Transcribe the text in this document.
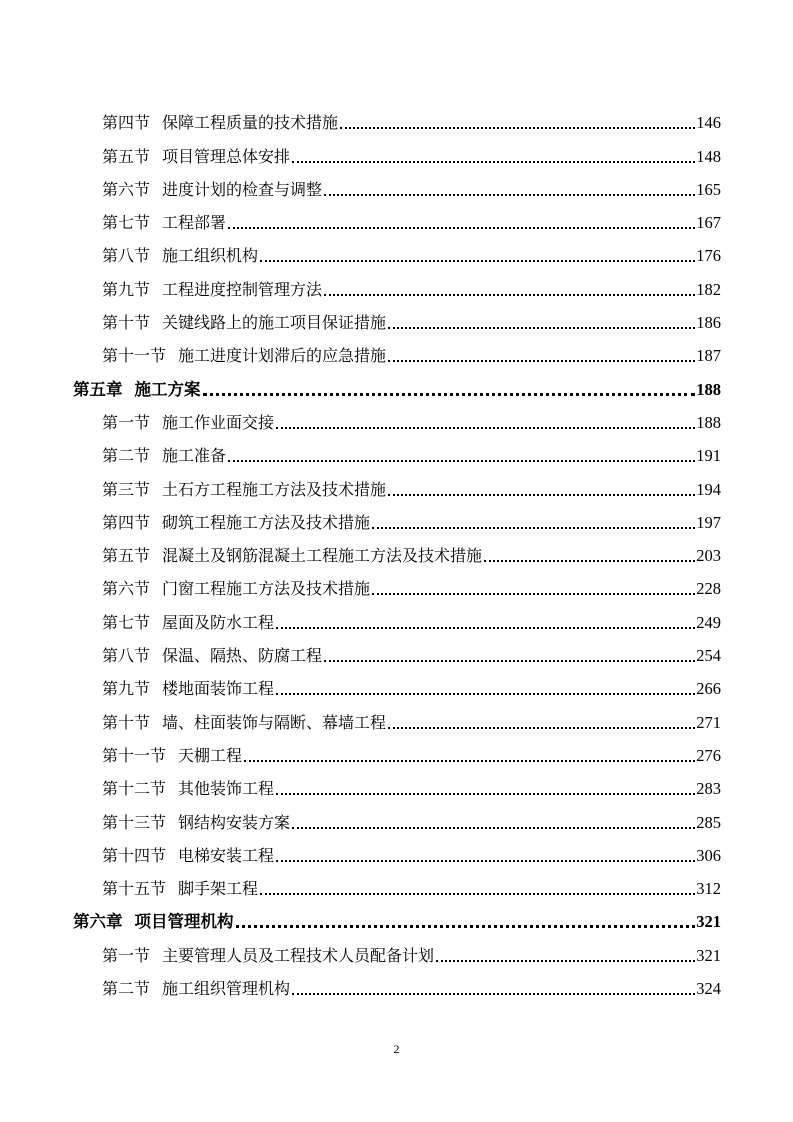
第四节 保障工程质量的技术措施	146
第五节 项目管理总体安排	148
第六节 进度计划的检查与调整	165
第七节 工程部署	167
第八节 施工组织机构	176
第九节 工程进度控制管理方法	182
第十节 关键线路上的施工项目保证措施	186
第十一节 施工进度计划滞后的应急措施	187
第五章 施工方案	188
第一节 施工作业面交接	188
第二节 施工准备	191
第三节 土石方工程施工方法及技术措施	194
第四节 砌筑工程施工方法及技术措施	197
第五节 混凝土及钢筋混凝土工程施工方法及技术措施	203
第六节 门窗工程施工方法及技术措施	228
第七节 屋面及防水工程	249
第八节 保温、隔热、防腐工程	254
第九节 楼地面装饰工程	266
第十节 墙、柱面装饰与隔断、幕墙工程	271
第十一节 天棚工程	276
第十二节 其他装饰工程	283
第十三节 钢结构安装方案	285
第十四节 电梯安装工程	306
第十五节 脚手架工程	312
第六章 项目管理机构	321
第一节 主要管理人员及工程技术人员配备计划	321
第二节 施工组织管理机构	324
2
